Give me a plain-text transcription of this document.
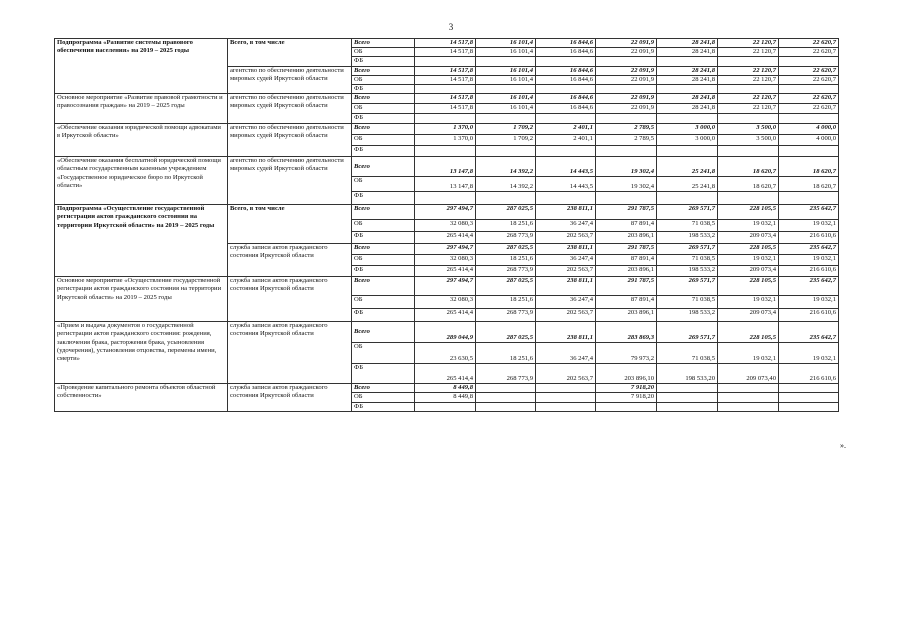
3
Подпрограмма «Развитие системы правового обеспечения населения» на 2019 – 2025 годы	Всего, в том числе	Всего	14 517,8	16 101,4	16 844,6	22 091,9	28 241,8	22 120,7	22 620,7
		ОБ	14 517,8	16 101,4	16 844,6	22 091,9	28 241,8	22 120,7	22 620,7
		ФБ							
	агентство по обеспечению деятельности мировых судей Иркутской области	Всего	14 517,8	16 101,4	16 844,6	22 091,9	28 241,8	22 120,7	22 620,7
		ОБ	14 517,8	16 101,4	16 844,6	22 091,9	28 241,8	22 120,7	22 620,7
		ФБ							
Основное мероприятие «Развитие правовой грамотности и правосознания граждан» на 2019 – 2025 годы	агентство по обеспечению деятельности мировых судей Иркутской области	Всего	14 517,8	16 101,4	16 844,6	22 091,9	28 241,8	22 120,7	22 620,7
		ОБ	14 517,8	16 101,4	16 844,6	22 091,9	28 241,8	22 120,7	22 620,7
		ФБ							
«Обеспечение оказания юридической помощи адвокатами в Иркутской области»	агентство по обеспечению деятельности мировых судей Иркутской области	Всего	1 370,0	1 709,2	2 401,1	2 789,5	3 000,0	3 500,0	4 000,0
		ОБ	1 370,0	1 709,2	2 401,1	2 789,5	3 000,0	3 500,0	4 000,0
		ФБ							
«Обеспечение оказания бесплатной юридической помощи областным государственным казенным учреждением «Государственное юридическое бюро по Иркутской области»	агентство по обеспечению деятельности мировых судей Иркутской области	Всего	13 147,8	14 392,2	14 443,5	19 302,4	25 241,8	18 620,7	18 620,7
		ОБ	13 147,8	14 392,2	14 443,5	19 302,4	25 241,8	18 620,7	18 620,7
		ФБ							
Подпрограмма «Осуществление государственной регистрации актов гражданского состояния на территории Иркутской области» на 2019 – 2025 годы	Всего, в том числе	Всего	297 494,7	287 025,5	238 811,1	291 787,5	269 571,7	228 105,5	235 642,7
		ОБ	32 080,3	18 251,6	36 247,4	87 891,4	71 038,5	19 032,1	19 032,1
		ФБ	265 414,4	268 773,9	202 563,7	203 896,1	198 533,2	209 073,4	216 610,6
	служба записи актов гражданского состояния Иркутской области	Всего	297 494,7	287 025,5	238 811,1	291 787,5	269 571,7	228 105,5	235 642,7
		ОБ	32 080,3	18 251,6	36 247,4	87 891,4	71 038,5	19 032,1	19 032,1
		ФБ	265 414,4	268 773,9	202 563,7	203 896,1	198 533,2	209 073,4	216 610,6
Основное мероприятие «Осуществление государственной регистрации актов гражданского состояния на территории Иркутской области» на 2019 – 2025 годы	служба записи актов гражданского состояния Иркутской области	Всего	297 494,7	287 025,5	238 811,1	291 787,5	269 571,7	228 105,5	235 642,7
		ОБ	32 080,3	18 251,6	36 247,4	87 891,4	71 038,5	19 032,1	19 032,1
		ФБ	265 414,4	268 773,9	202 563,7	203 896,1	198 533,2	209 073,4	216 610,6
«Прием и выдача документов о государственной регистрации актов гражданского состояния: рождения, заключения брака, расторжения брака, усыновления (удочерения), установления отцовства, перемены имени, смерти»	служба записи актов гражданского состояния Иркутской области	Всего	289 044,9	287 025,5	238 811,1	283 869,3	269 571,7	228 105,5	235 642,7
		ОБ	23 630,5	18 251,6	36 247,4	79 973,2	71 038,5	19 032,1	19 032,1
		ФБ	265 414,4	268 773,9	202 563,7	203 896,10	198 533,20	209 073,40	216 610,6
«Проведение капитального ремонта объектов областной собственности»	служба записи актов гражданского состояния Иркутской области	Всего	8 449,8			7 918,20			
		ОБ	8 449,8			7 918,20			
		ФБ							
».
